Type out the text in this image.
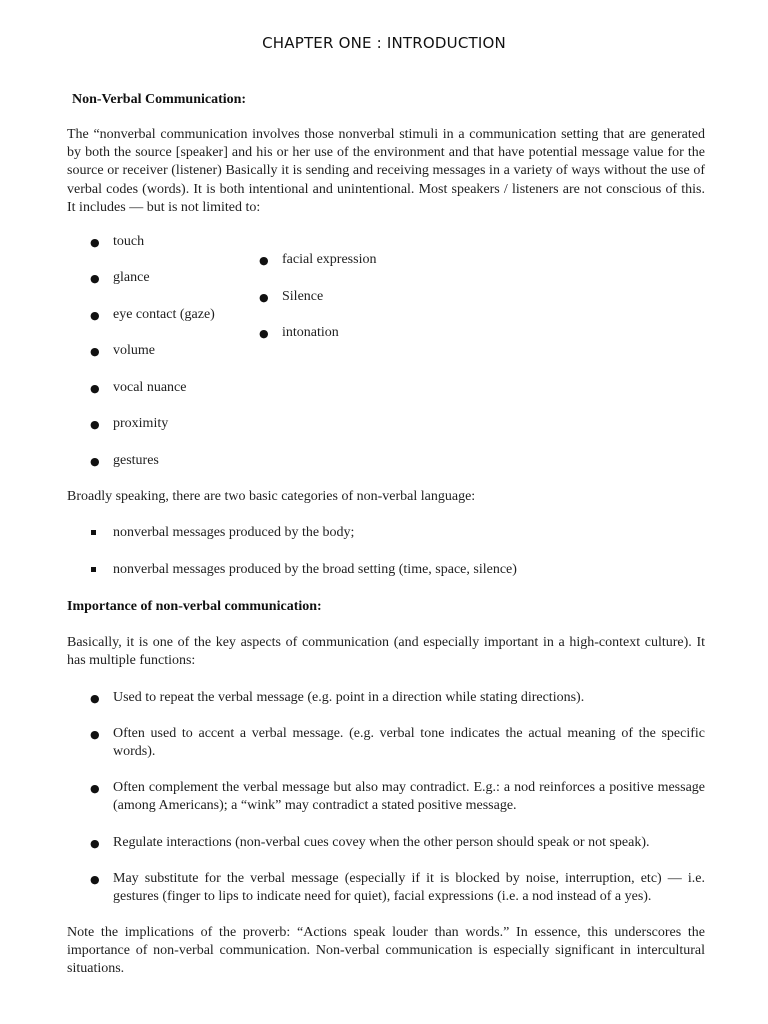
CHAPTER ONE : INTRODUCTION
Non-Verbal Communication:
The “nonverbal communication involves those nonverbal stimuli in a communication setting that are generated by both the source [speaker] and his or her use of the environment and that have potential message value for the source or receiver (listener) Basically it is sending and receiving messages in a variety of ways without the use of verbal codes (words). It is both intentional and unintentional. Most speakers / listeners are not conscious of this. It includes — but is not limited to:
● touch
● glance
● eye contact (gaze)
● volume
● vocal nuance
● proximity
● gestures
● facial expression
● Silence
● intonation
Broadly speaking, there are two basic categories of non-verbal language:
nonverbal messages produced by the body;
nonverbal messages produced by the broad setting (time, space, silence)
Importance of non-verbal communication:
Basically, it is one of the key aspects of communication (and especially important in a high-context culture). It has multiple functions:
● Used to repeat the verbal message (e.g. point in a direction while stating directions).
● Often used to accent a verbal message. (e.g. verbal tone indicates the actual meaning of the specific words).
● Often complement the verbal message but also may contradict. E.g.: a nod reinforces a positive message (among Americans); a “wink” may contradict a stated positive message.
● Regulate interactions (non-verbal cues covey when the other person should speak or not speak).
● May substitute for the verbal message (especially if it is blocked by noise, interruption, etc) — i.e. gestures (finger to lips to indicate need for quiet), facial expressions (i.e. a nod instead of a yes).
Note the implications of the proverb: “Actions speak louder than words.” In essence, this underscores the importance of non-verbal communication. Non-verbal communication is especially significant in intercultural situations.
